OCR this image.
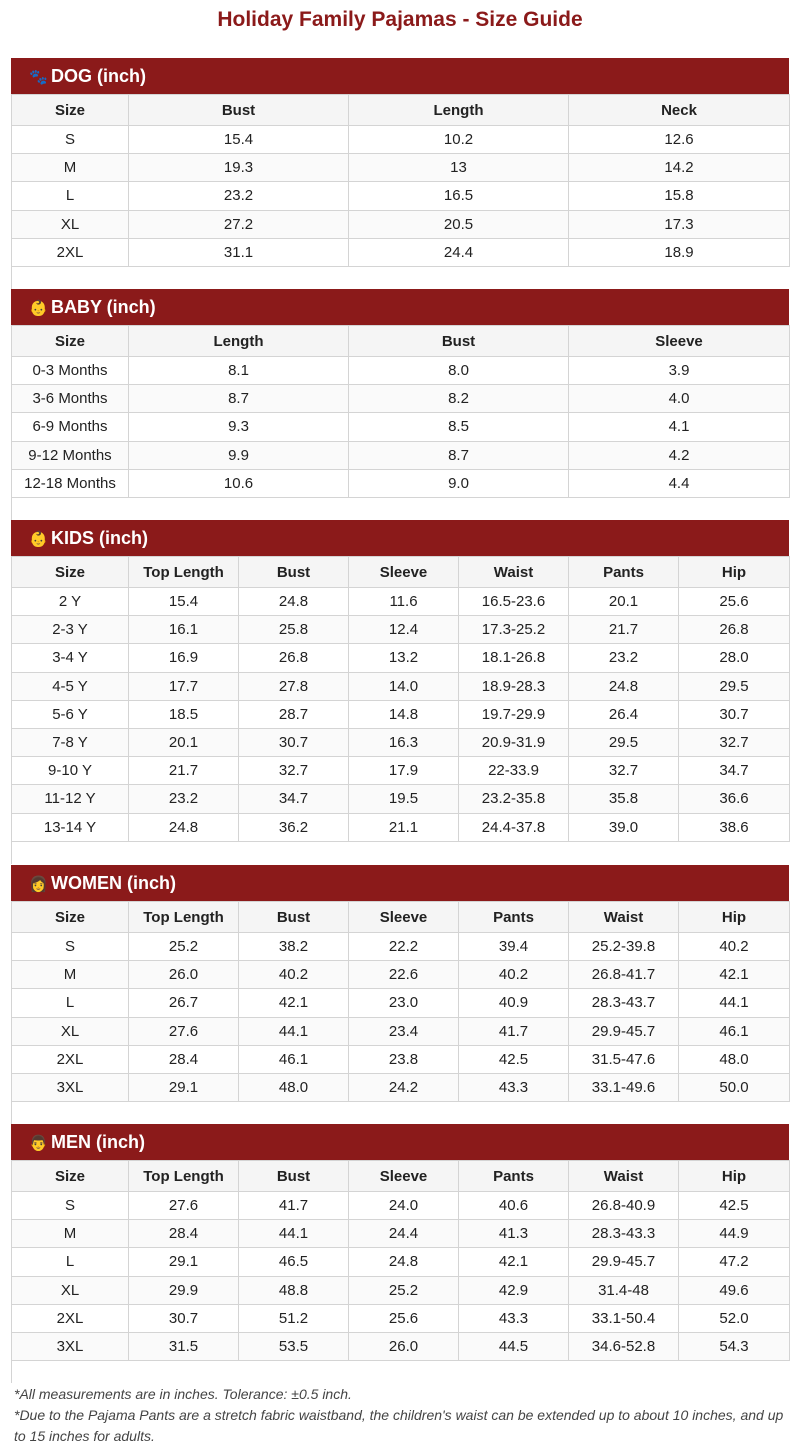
Holiday Family Pajamas - Size Guide
🐾 DOG (inch)
Size	Bust	Length	Neck
S	15.4	10.2	12.6
M	19.3	13	14.2
L	23.2	16.5	15.8
XL	27.2	20.5	17.3
2XL	31.1	24.4	18.9
👶 BABY (inch)
Size	Length	Bust	Sleeve
0-3 Months	8.1	8.0	3.9
3-6 Months	8.7	8.2	4.0
6-9 Months	9.3	8.5	4.1
9-12 Months	9.9	8.7	4.2
12-18 Months	10.6	9.0	4.4
👶 KIDS (inch)
Size	Top Length	Bust	Sleeve	Waist	Pants	Hip
2 Y	15.4	24.8	11.6	16.5-23.6	20.1	25.6
2-3 Y	16.1	25.8	12.4	17.3-25.2	21.7	26.8
3-4 Y	16.9	26.8	13.2	18.1-26.8	23.2	28.0
4-5 Y	17.7	27.8	14.0	18.9-28.3	24.8	29.5
5-6 Y	18.5	28.7	14.8	19.7-29.9	26.4	30.7
7-8 Y	20.1	30.7	16.3	20.9-31.9	29.5	32.7
9-10 Y	21.7	32.7	17.9	22-33.9	32.7	34.7
11-12 Y	23.2	34.7	19.5	23.2-35.8	35.8	36.6
13-14 Y	24.8	36.2	21.1	24.4-37.8	39.0	38.6
👩 WOMEN (inch)
Size	Top Length	Bust	Sleeve	Pants	Waist	Hip
S	25.2	38.2	22.2	39.4	25.2-39.8	40.2
M	26.0	40.2	22.6	40.2	26.8-41.7	42.1
L	26.7	42.1	23.0	40.9	28.3-43.7	44.1
XL	27.6	44.1	23.4	41.7	29.9-45.7	46.1
2XL	28.4	46.1	23.8	42.5	31.5-47.6	48.0
3XL	29.1	48.0	24.2	43.3	33.1-49.6	50.0
👨 MEN (inch)
Size	Top Length	Bust	Sleeve	Pants	Waist	Hip
S	27.6	41.7	24.0	40.6	26.8-40.9	42.5
M	28.4	44.1	24.4	41.3	28.3-43.3	44.9
L	29.1	46.5	24.8	42.1	29.9-45.7	47.2
XL	29.9	48.8	25.2	42.9	31.4-48	49.6
2XL	30.7	51.2	25.6	43.3	33.1-50.4	52.0
3XL	31.5	53.5	26.0	44.5	34.6-52.8	54.3

*All measurements are in inches. Tolerance: ±0.5 inch.

*Due to the Pajama Pants are a stretch fabric waistband, the children's waist can be extended up to about 10 inches, and up to 15 inches for adults.
